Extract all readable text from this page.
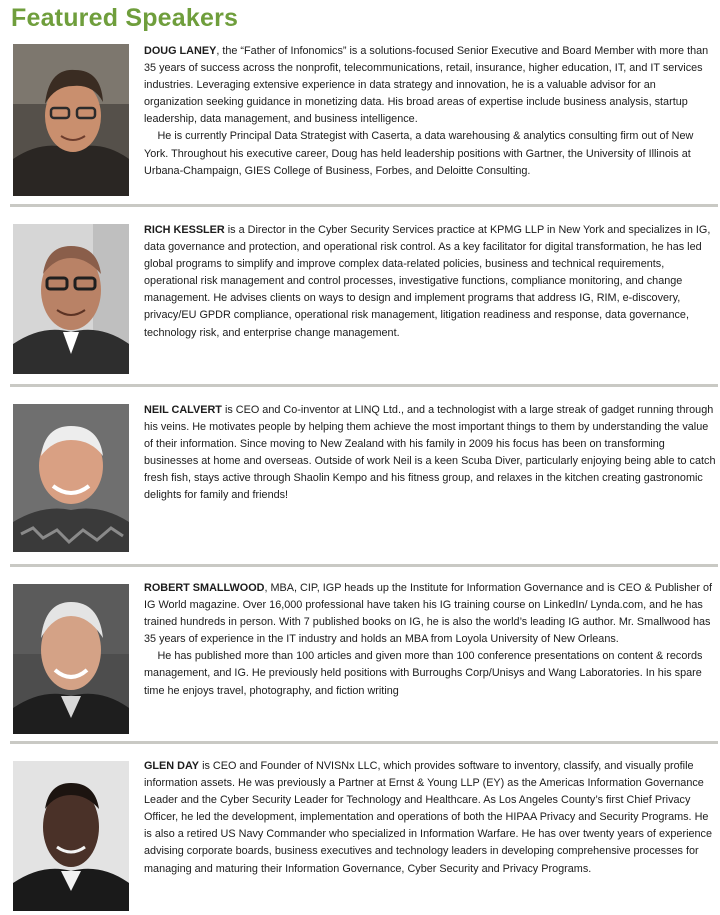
Featured Speakers

DOUG LANEY, the “Father of Infonomics” is a solutions-focused Senior Executive and Board Member with more than 35 years of success across the nonprofit, telecommunications, retail, insurance, higher education, IT, and IT services industries. Leveraging extensive experience in data strategy and innovation, he is a valuable advisor for an organization seeking guidance in monetizing data. His broad areas of expertise include business analysis, startup leadership, data management, and business intelligence.

He is currently Principal Data Strategist with Caserta, a data warehousing & analytics consulting firm out of New York. Throughout his executive career, Doug has held leadership positions with Gartner, the University of Illinois at Urbana-Champaign, GIES College of Business, Forbes, and Deloitte Consulting.

RICH KESSLER is a Director in the Cyber Security Services practice at KPMG LLP in New York and specializes in IG, data governance and protection, and operational risk control. As a key facilitator for digital transformation, he has led global programs to simplify and improve complex data-related policies, business and technical requirements, operational risk management and control processes, investigative functions, compliance monitoring, and change management. He advises clients on ways to design and implement programs that address IG, RIM, e-discovery, privacy/EU GPDR compliance, operational risk management, litigation readiness and response, data governance, technology risk, and enterprise change management.

NEIL CALVERT is CEO and Co-inventor at LINQ Ltd., and a technologist with a large streak of gadget running through his veins. He motivates people by helping them achieve the most important things to them by understanding the value of their information. Since moving to New Zealand with his family in 2009 his focus has been on transforming businesses at home and overseas. Outside of work Neil is a keen Scuba Diver, particularly enjoying being able to catch fresh fish, stays active through Shaolin Kempo and his fitness group, and relaxes in the kitchen creating gastronomic delights for family and friends!

ROBERT SMALLWOOD, MBA, CIP, IGP heads up the Institute for Information Governance and is CEO & Publisher of IG World magazine. Over 16,000 professional have taken his IG training course on LinkedIn/ Lynda.com, and he has trained hundreds in person. With 7 published books on IG, he is also the world’s leading IG author. Mr. Smallwood has 35 years of experience in the IT industry and holds an MBA from Loyola University of New Orleans.

He has published more than 100 articles and given more than 100 conference presentations on content & records management, and IG. He previously held positions with Burroughs Corp/Unisys and Wang Laboratories. In his spare time he enjoys travel, photography, and fiction writing

GLEN DAY is CEO and Founder of NVISNx LLC, which provides software to inventory, classify, and visually profile information assets. He was previously a Partner at Ernst & Young LLP (EY) as the Americas Information Governance Leader and the Cyber Security Leader for Technology and Healthcare. As Los Angeles County’s first Chief Privacy Officer, he led the development, implementation and operations of both the HIPAA Privacy and Security Programs. He is also a retired US Navy Commander who specialized in Information Warfare. He has over twenty years of experience advising corporate boards, business executives and technology leaders in developing comprehensive processes for managing and maturing their Information Governance, Cyber Security and Privacy Programs.
